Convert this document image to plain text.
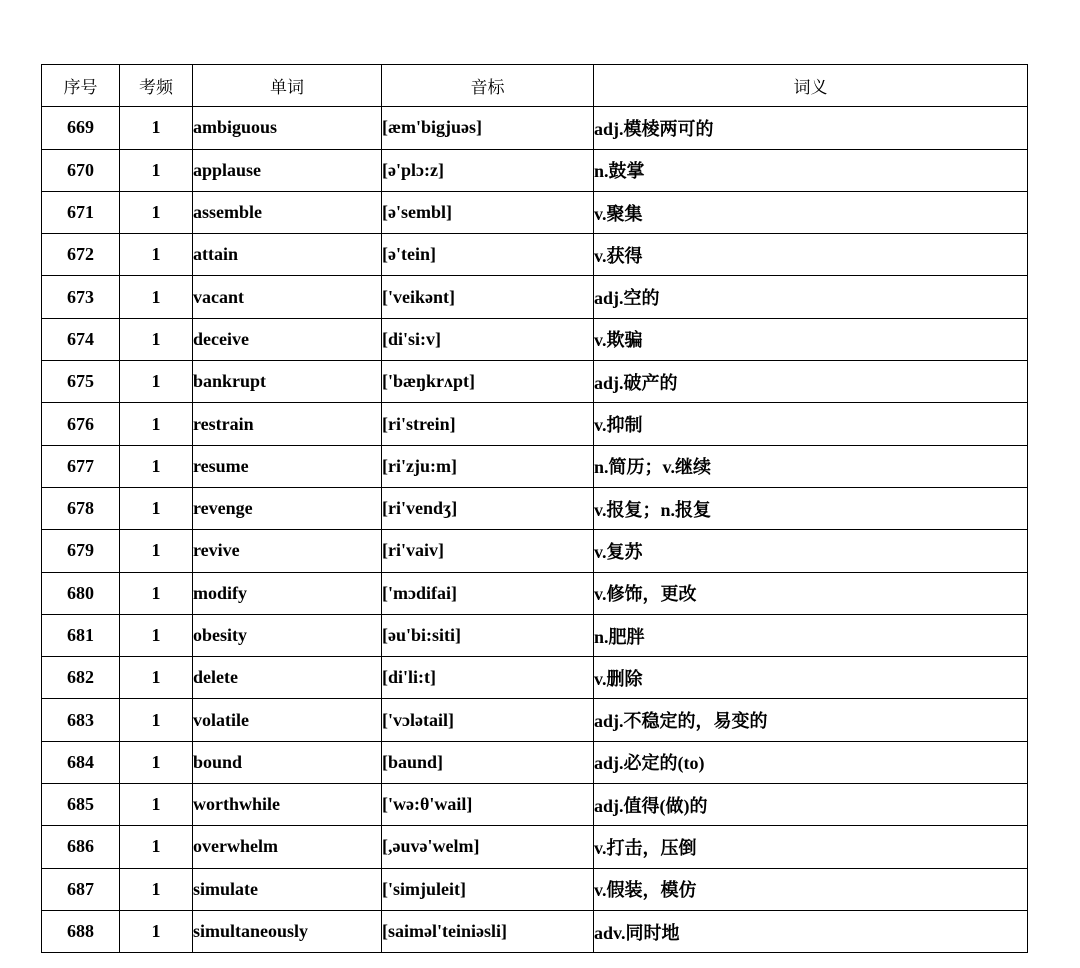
序号	考频	单词	音标	词义
669	1	ambiguous	[æm'bigjuəs]	adj.模棱两可的
670	1	applause	[ə'plɔ:z]	n.鼓掌
671	1	assemble	[ə'sembl]	v.聚集
672	1	attain	[ə'tein]	v.获得
673	1	vacant	['veikənt]	adj.空的
674	1	deceive	[di'si:v]	v.欺骗
675	1	bankrupt	['bæŋkrʌpt]	adj.破产的
676	1	restrain	[ri'strein]	v.抑制
677	1	resume	[ri'zju:m]	n.简历；v.继续
678	1	revenge	[ri'vendʒ]	v.报复；n.报复
679	1	revive	[ri'vaiv]	v.复苏
680	1	modify	['mɔdifai]	v.修饰，更改
681	1	obesity	[əu'bi:siti]	n.肥胖
682	1	delete	[di'li:t]	v.删除
683	1	volatile	['vɔlətail]	adj.不稳定的，易变的
684	1	bound	[baund]	adj.必定的(to)
685	1	worthwhile	['wə:θ'wail]	adj.值得(做)的
686	1	overwhelm	[,əuvə'welm]	v.打击，压倒
687	1	simulate	['simjuleit]	v.假装，模仿
688	1	simultaneously	[saiməl'teiniəsli]	adv.同时地
